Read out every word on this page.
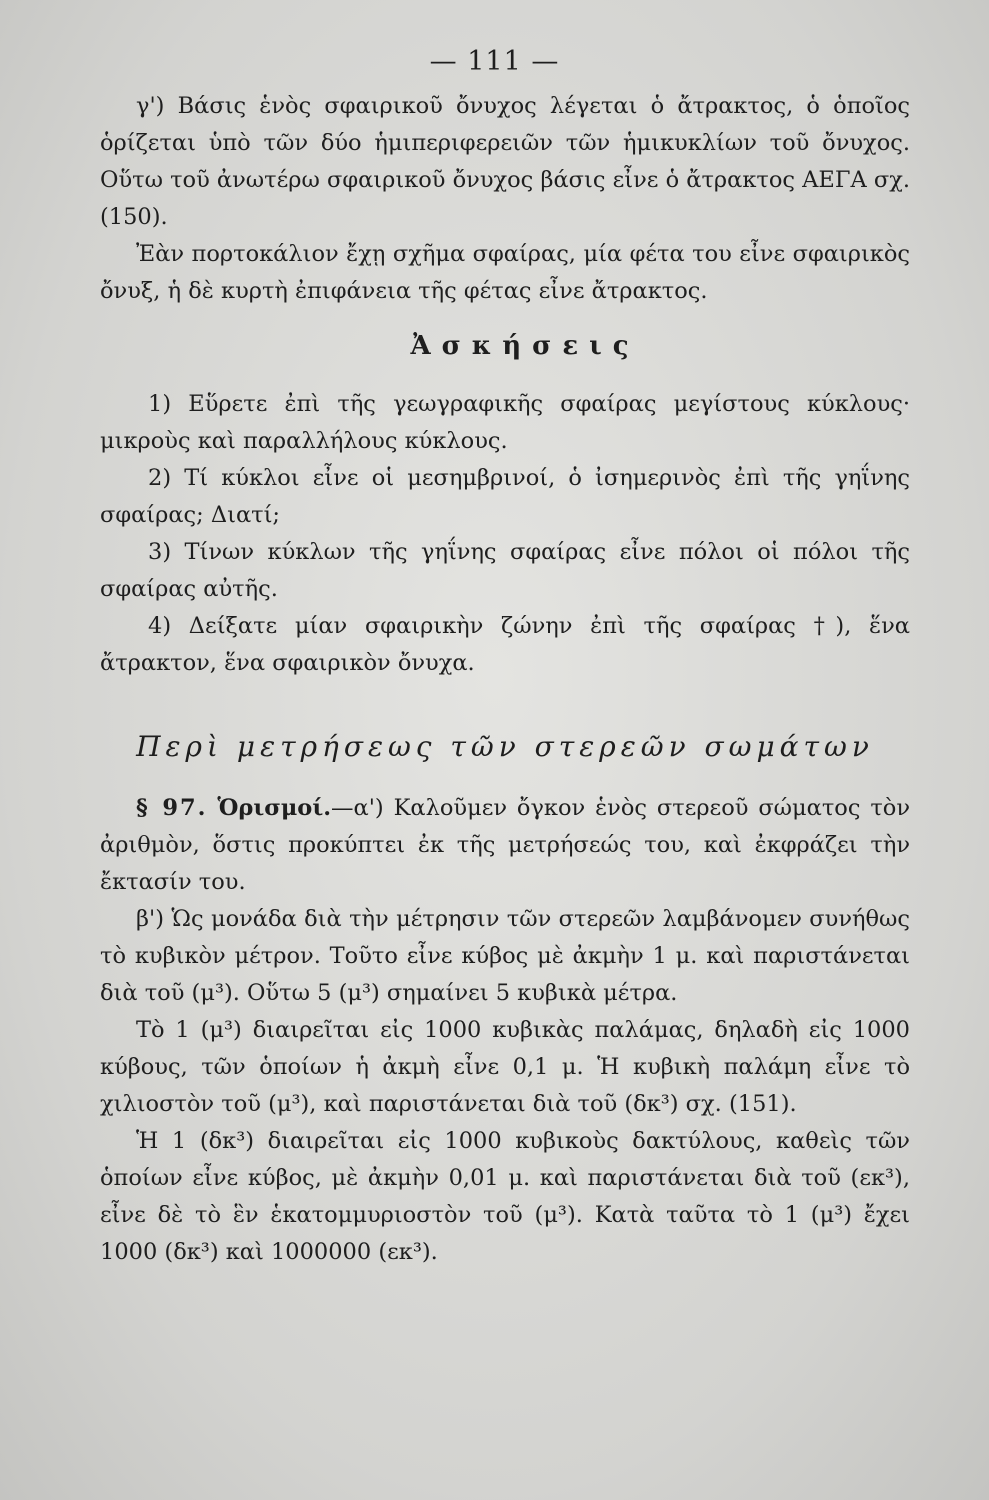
— 111 —

γ') Βάσις ἑνὸς σφαιρικοῦ ὄνυχος λέγεται ὁ ἄτρακτος, ὁ ὁποῖος ὁρίζεται ὑπὸ τῶν δύο ἡμιπεριφερειῶν τῶν ἡμικυκλίων τοῦ ὄνυχος. Οὕτω τοῦ ἀνωτέρω σφαιρικοῦ ὄνυχος βάσις εἶνε ὁ ἄτρακτος ΑΕΓΑ σχ. (150).

Ἐὰν πορτοκάλιον ἔχῃ σχῆμα σφαίρας, μία φέτα του εἶνε σφαιρικὸς ὄνυξ, ἡ δὲ κυρτὴ ἐπιφάνεια τῆς φέτας εἶνε ἄτρακτος.

Ἀσκήσεις

1) Εὕρετε ἐπὶ τῆς γεωγραφικῆς σφαίρας μεγίστους κύκλους· μικροὺς καὶ παραλλήλους κύκλους.

2) Τί κύκλοι εἶνε οἱ μεσημβρινοί, ὁ ἰσημερινὸς ἐπὶ τῆς γηΐνης σφαίρας; Διατί;

3) Τίνων κύκλων τῆς γηΐνης σφαίρας εἶνε πόλοι οἱ πόλοι τῆς σφαίρας αὐτῆς.

4) Δείξατε μίαν σφαιρικὴν ζώνην ἐπὶ τῆς σφαίρας †), ἕνα ἄτρακτον, ἕνα σφαιρικὸν ὄνυχα.

Περὶ μετρήσεως τῶν στερεῶν σωμάτων

§ 97. Ὁρισμοί.—α') Καλοῦμεν ὄγκον ἑνὸς στερεοῦ σώματος τὸν ἀριθμὸν, ὅστις προκύπτει ἐκ τῆς μετρήσεώς του, καὶ ἐκφράζει τὴν ἔκτασίν του.

β') Ὡς μονάδα διὰ τὴν μέτρησιν τῶν στερεῶν λαμβάνομεν συνήθως τὸ κυβικὸν μέτρον. Τοῦτο εἶνε κύβος μὲ ἀκμὴν 1 μ. καὶ παριστάνεται διὰ τοῦ (μ³). Οὕτω 5 (μ³) σημαίνει 5 κυβικὰ μέτρα.

Τὸ 1 (μ³) διαιρεῖται εἰς 1000 κυβικὰς παλάμας, δηλαδὴ εἰς 1000 κύβους, τῶν ὁποίων ἡ ἀκμὴ εἶνε 0,1 μ. Ἡ κυβικὴ παλάμη εἶνε τὸ χιλιοστὸν τοῦ (μ³), καὶ παριστάνεται διὰ τοῦ (δκ³) σχ. (151).

Ἡ 1 (δκ³) διαιρεῖται εἰς 1000 κυβικοὺς δακτύλους, καθεὶς τῶν ὁποίων εἶνε κύβος, μὲ ἀκμὴν 0,01 μ. καὶ παριστάνεται διὰ τοῦ (εκ³), εἶνε δὲ τὸ ἓν ἑκατομμυριοστὸν τοῦ (μ³). Κατὰ ταῦτα τὸ 1 (μ³) ἔχει 1000 (δκ³) καὶ 1000000 (εκ³).
